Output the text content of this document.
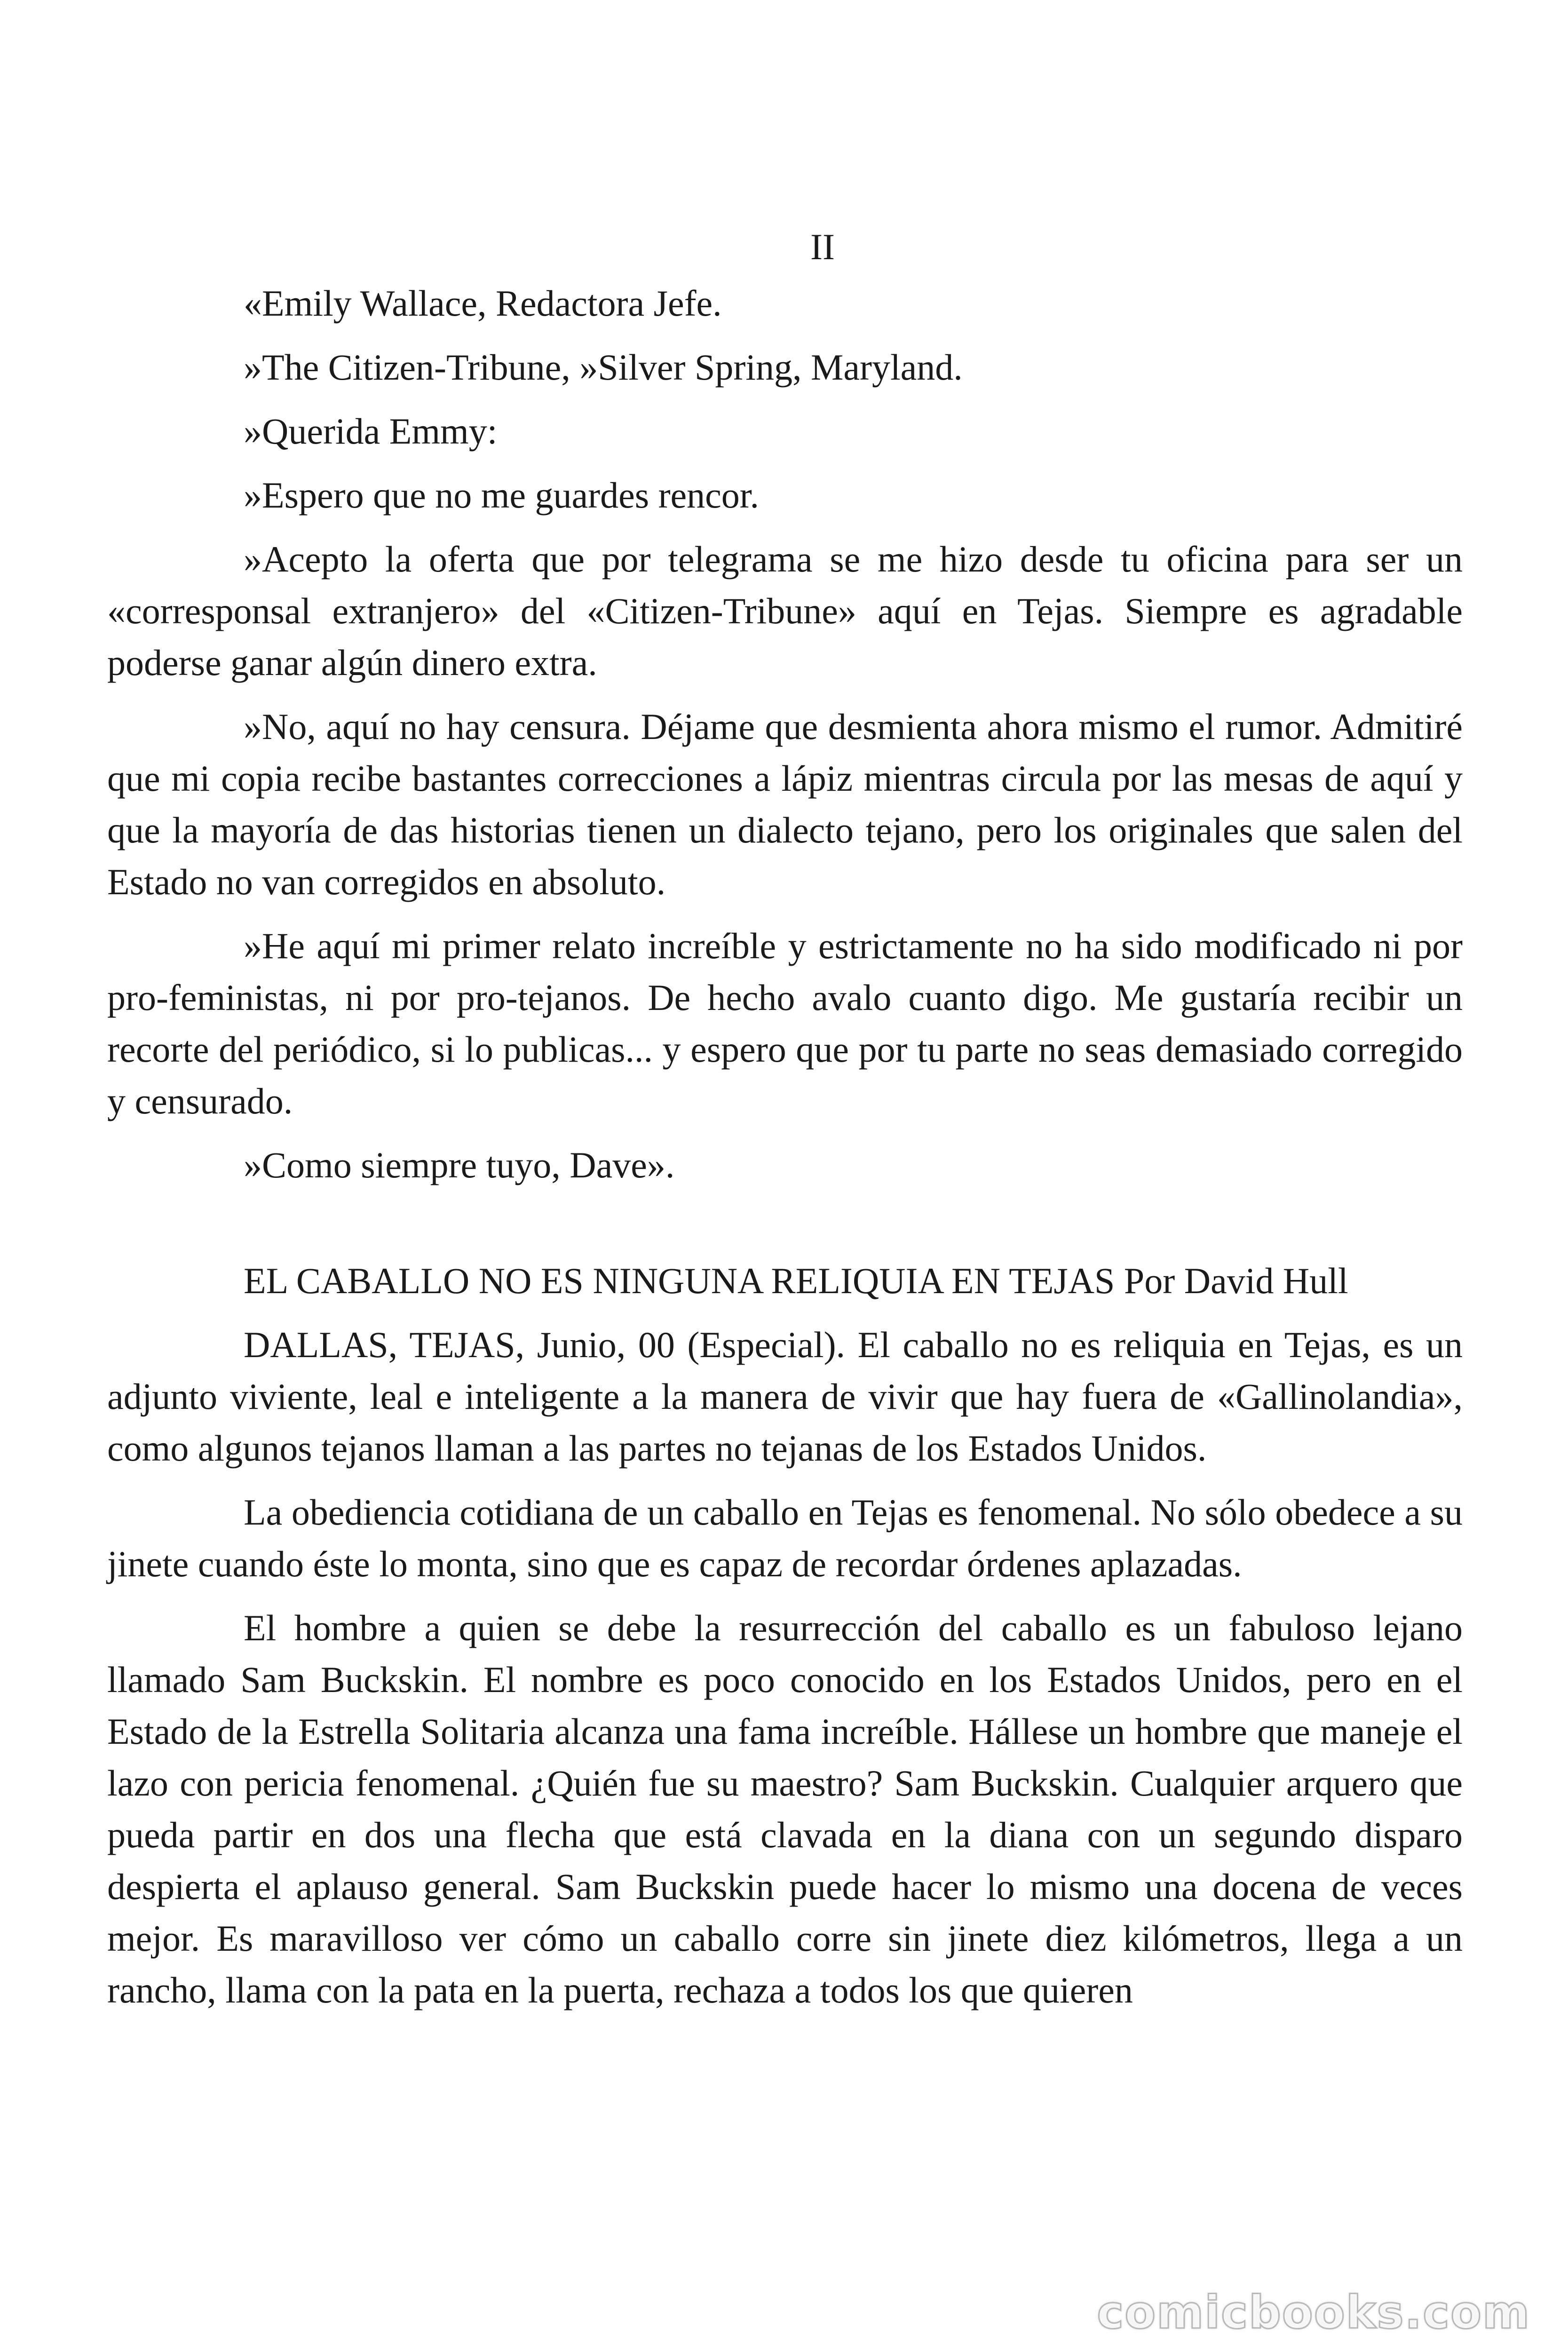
II

«Emily Wallace, Redactora Jefe.

»The Citizen-Tribune, »Silver Spring, Maryland.

»Querida Emmy:

»Espero que no me guardes rencor.

»Acepto la oferta que por telegrama se me hizo desde tu oficina para ser un «corresponsal extranjero» del «Citizen-Tribune» aquí en Tejas. Siempre es agradable poderse ganar algún dinero extra.

»No, aquí no hay censura. Déjame que desmienta ahora mismo el rumor. Admitiré que mi copia recibe bastantes correcciones a lápiz mientras circula por las mesas de aquí y que la mayoría de das historias tienen un dialecto tejano, pero los originales que salen del Estado no van corregidos en absoluto.

»He aquí mi primer relato increíble y estrictamente no ha sido modificado ni por pro-feministas, ni por pro-tejanos. De hecho avalo cuanto digo. Me gustaría recibir un recorte del periódico, si lo publicas... y espero que por tu parte no seas demasiado corregido y censurado.

»Como siempre tuyo, Dave».

EL CABALLO NO ES NINGUNA RELIQUIA EN TEJAS Por David Hull

DALLAS, TEJAS, Junio, 00 (Especial). El caballo no es reliquia en Tejas, es un adjunto viviente, leal e inteligente a la manera de vivir que hay fuera de «Gallinolandia», como algunos tejanos llaman a las partes no tejanas de los Estados Unidos.

La obediencia cotidiana de un caballo en Tejas es fenomenal. No sólo obedece a su jinete cuando éste lo monta, sino que es capaz de recordar órdenes aplazadas.

El hombre a quien se debe la resurrección del caballo es un fabuloso lejano llamado Sam Buckskin. El nombre es poco conocido en los Estados Unidos, pero en el Estado de la Estrella Solitaria alcanza una fama increíble. Hállese un hombre que maneje el lazo con pericia fenomenal. ¿Quién fue su maestro? Sam Buckskin. Cualquier arquero que pueda partir en dos una flecha que está clavada en la diana con un segundo disparo despierta el aplauso general. Sam Buckskin puede hacer lo mismo una docena de veces mejor. Es maravilloso ver cómo un caballo corre sin jinete diez kilómetros, llega a un rancho, llama con la pata en la puerta, rechaza a todos los que quieren

comicbooks.com
